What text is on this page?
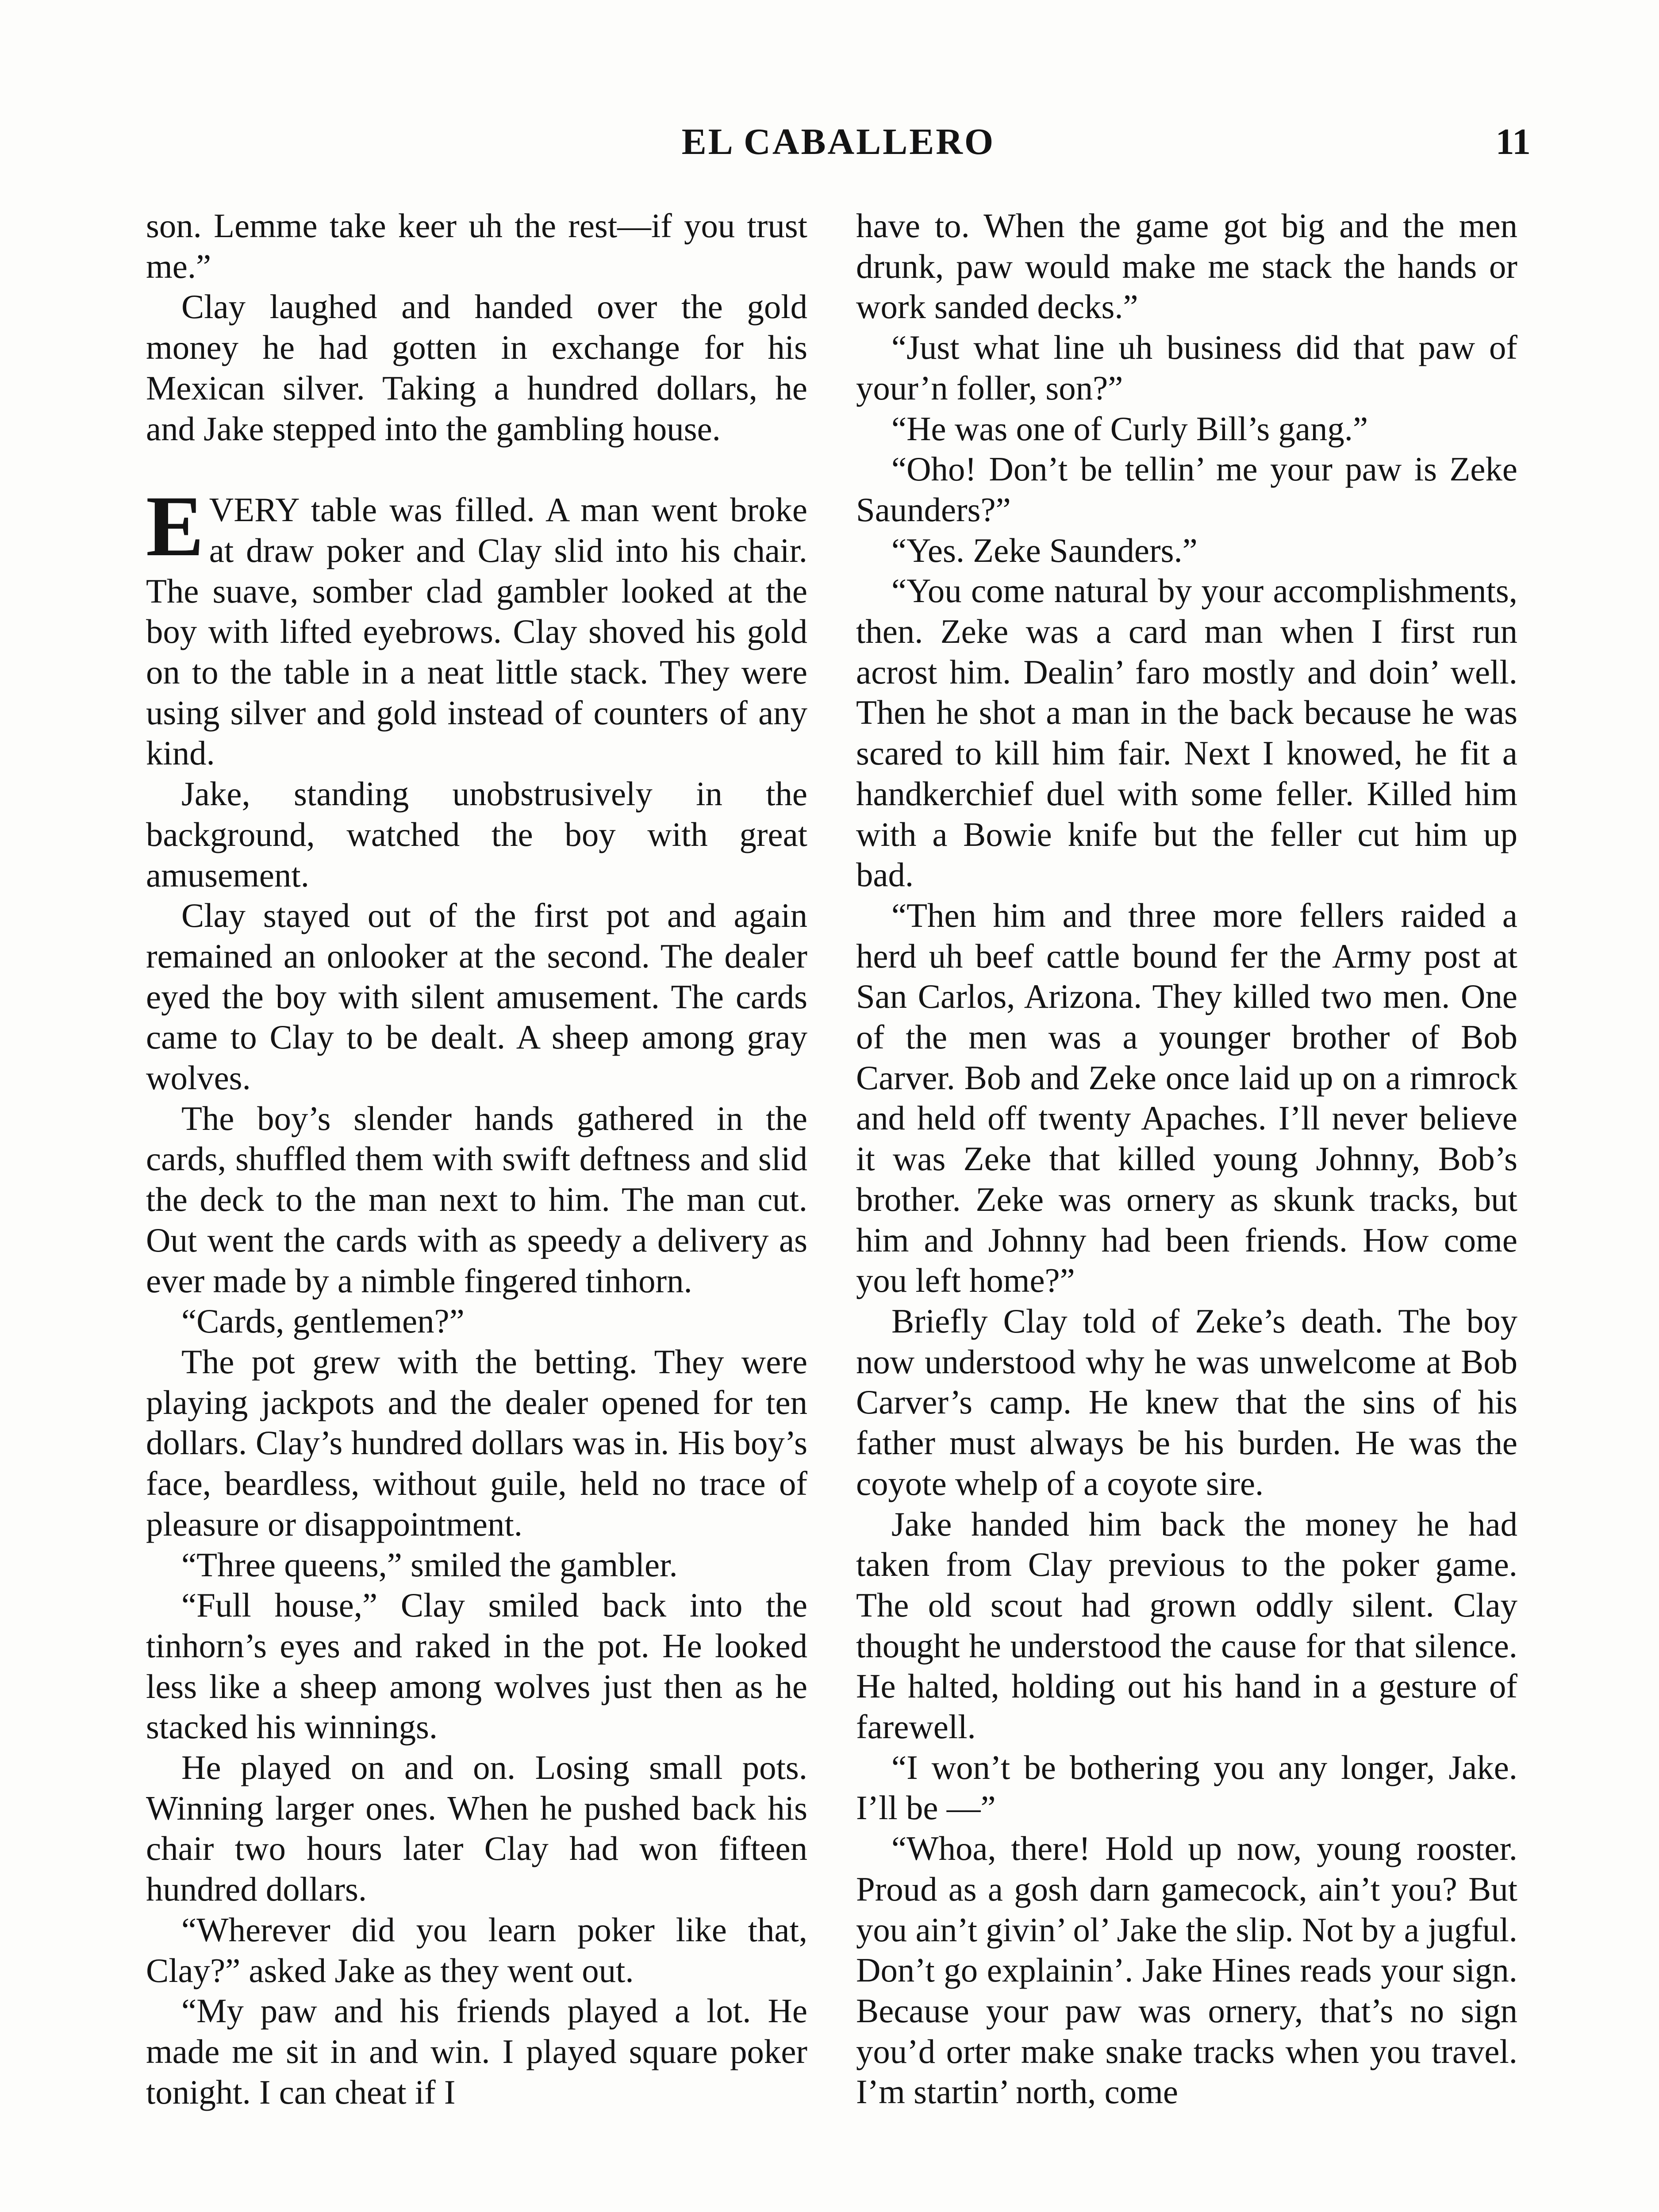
EL CABALLERO	11

son. Lemme take keer uh the rest—if you trust me.”

Clay laughed and handed over the gold money he had gotten in exchange for his Mexican silver. Taking a hundred dollars, he and Jake stepped into the gambling house.

EVERY table was filled. A man went broke at draw poker and Clay slid into his chair. The suave, somber clad gambler looked at the boy with lifted eyebrows. Clay shoved his gold on to the table in a neat little stack. They were using silver and gold instead of counters of any kind.

Jake, standing unobstrusively in the background, watched the boy with great amusement.

Clay stayed out of the first pot and again remained an onlooker at the second. The dealer eyed the boy with silent amusement. The cards came to Clay to be dealt. A sheep among gray wolves.

The boy’s slender hands gathered in the cards, shuffled them with swift deftness and slid the deck to the man next to him. The man cut. Out went the cards with as speedy a delivery as ever made by a nimble fingered tinhorn.

“Cards, gentlemen?”

The pot grew with the betting. They were playing jackpots and the dealer opened for ten dollars. Clay’s hundred dollars was in. His boy’s face, beardless, without guile, held no trace of pleasure or disappointment.

“Three queens,” smiled the gambler.

“Full house,” Clay smiled back into the tinhorn’s eyes and raked in the pot. He looked less like a sheep among wolves just then as he stacked his winnings.

He played on and on. Losing small pots. Winning larger ones. When he pushed back his chair two hours later Clay had won fifteen hundred dollars.

“Wherever did you learn poker like that, Clay?” asked Jake as they went out.

“My paw and his friends played a lot. He made me sit in and win. I played square poker tonight. I can cheat if I

have to. When the game got big and the men drunk, paw would make me stack the hands or work sanded decks.”

“Just what line uh business did that paw of your’n foller, son?”

“He was one of Curly Bill’s gang.”

“Oho! Don’t be tellin’ me your paw is Zeke Saunders?”

“Yes. Zeke Saunders.”

“You come natural by your accomplishments, then. Zeke was a card man when I first run acrost him. Dealin’ faro mostly and doin’ well. Then he shot a man in the back because he was scared to kill him fair. Next I knowed, he fit a handkerchief duel with some feller. Killed him with a Bowie knife but the feller cut him up bad.

“Then him and three more fellers raided a herd uh beef cattle bound fer the Army post at San Carlos, Arizona. They killed two men. One of the men was a younger brother of Bob Carver. Bob and Zeke once laid up on a rimrock and held off twenty Apaches. I’ll never believe it was Zeke that killed young Johnny, Bob’s brother. Zeke was ornery as skunk tracks, but him and Johnny had been friends. How come you left home?”

Briefly Clay told of Zeke’s death. The boy now understood why he was unwelcome at Bob Carver’s camp. He knew that the sins of his father must always be his burden. He was the coyote whelp of a coyote sire.

Jake handed him back the money he had taken from Clay previous to the poker game. The old scout had grown oddly silent. Clay thought he understood the cause for that silence. He halted, holding out his hand in a gesture of farewell.

“I won’t be bothering you any longer, Jake. I’ll be —”

“Whoa, there! Hold up now, young rooster. Proud as a gosh darn gamecock, ain’t you? But you ain’t givin’ ol’ Jake the slip. Not by a jugful. Don’t go explainin’. Jake Hines reads your sign. Because your paw was ornery, that’s no sign you’d orter make snake tracks when you travel. I’m startin’ north, come
